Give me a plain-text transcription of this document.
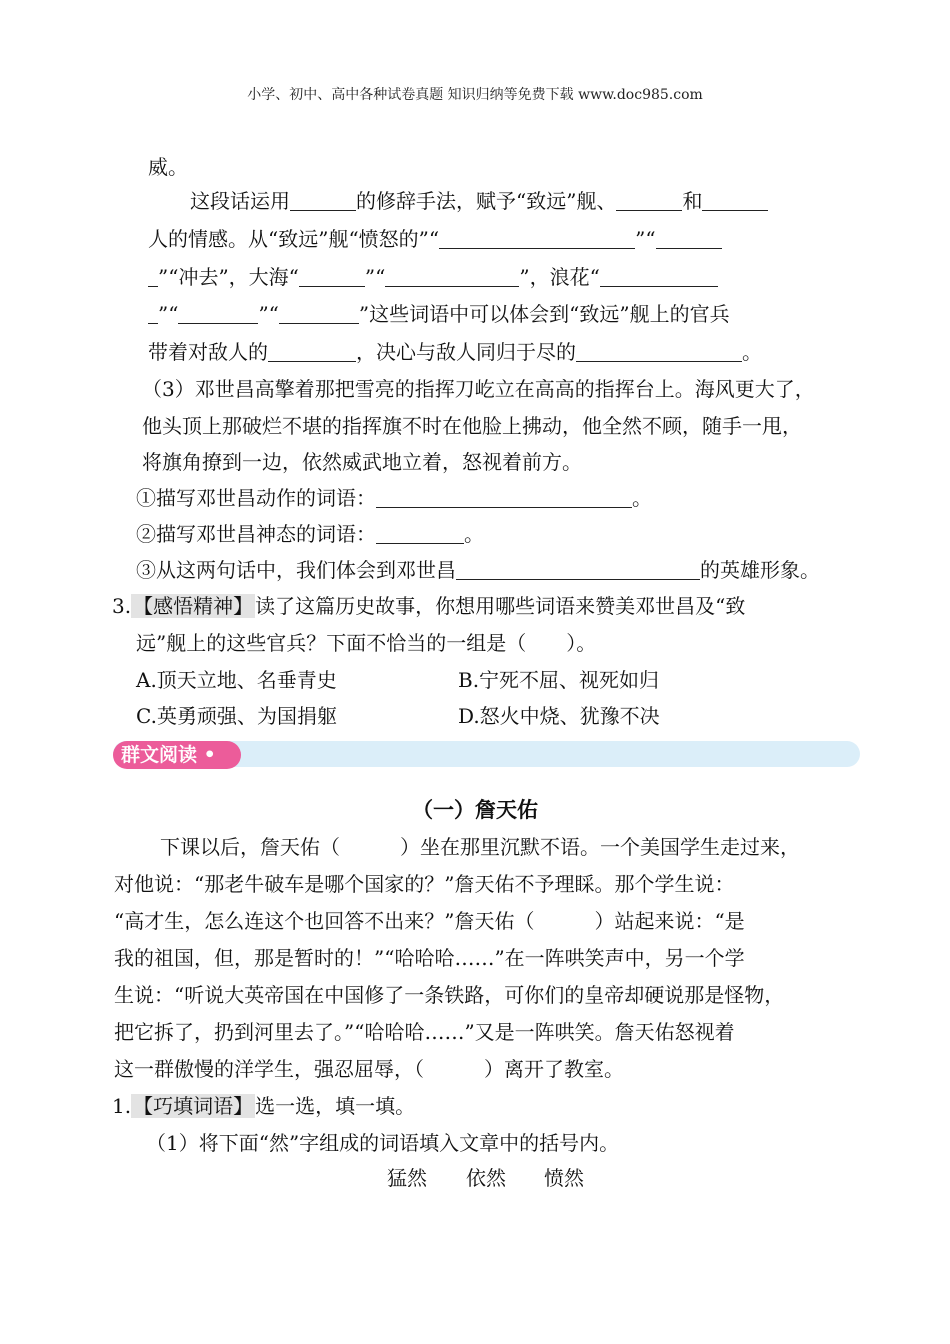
小学、初中、高中各种试卷真题 知识归纳等免费下载 www.doc985.com
威。
这段话运用	的修辞手法，赋予“致远”舰、	和
人的情感。从“致远”舰“愤怒的”“	”“
”“冲去”，大海“	”“	”，浪花“
”“	”“	”这些词语中可以体会到“致远”舰上的官兵
带着对敌人的	，决心与敌人同归于尽的	。
（3）邓世昌高擎着那把雪亮的指挥刀屹立在高高的指挥台上。海风更大了，
他头顶上那破烂不堪的指挥旗不时在他脸上拂动，他全然不顾，随手一甩，
将旗角撩到一边，依然威武地立着，怒视着前方。
①描写邓世昌动作的词语：	。
②描写邓世昌神态的词语：	。
③从这两句话中，我们体会到邓世昌	的英雄形象。
3. 【感悟精神】 读了这篇历史故事，你想用哪些词语来赞美邓世昌及“致
远”舰上的这些官兵？下面不恰当的一组是（　　）。
A.顶天立地、名垂青史	B.宁死不屈、视死如归
C.英勇顽强、为国捐躯	D.怒火中烧、犹豫不决
群文阅读 •
（一）詹天佑
下课以后，詹天佑（　　　）坐在那里沉默不语。一个美国学生走过来，
对他说：“那老牛破车是哪个国家的？”詹天佑不予理睬。那个学生说：
“高才生，怎么连这个也回答不出来？”詹天佑（　　　）站起来说：“是
我的祖国，但，那是暂时的！”“哈哈哈……”在一阵哄笑声中，另一个学
生说：“听说大英帝国在中国修了一条铁路，可你们的皇帝却硬说那是怪物，
把它拆了，扔到河里去了。”“哈哈哈……”又是一阵哄笑。詹天佑怒视着
这一群傲慢的洋学生，强忍屈辱，（　　　）离开了教室。
1. 【巧填词语】 选一选，填一填。
（1）将下面“然”字组成的词语填入文章中的括号内。
猛然 依然 愤然
